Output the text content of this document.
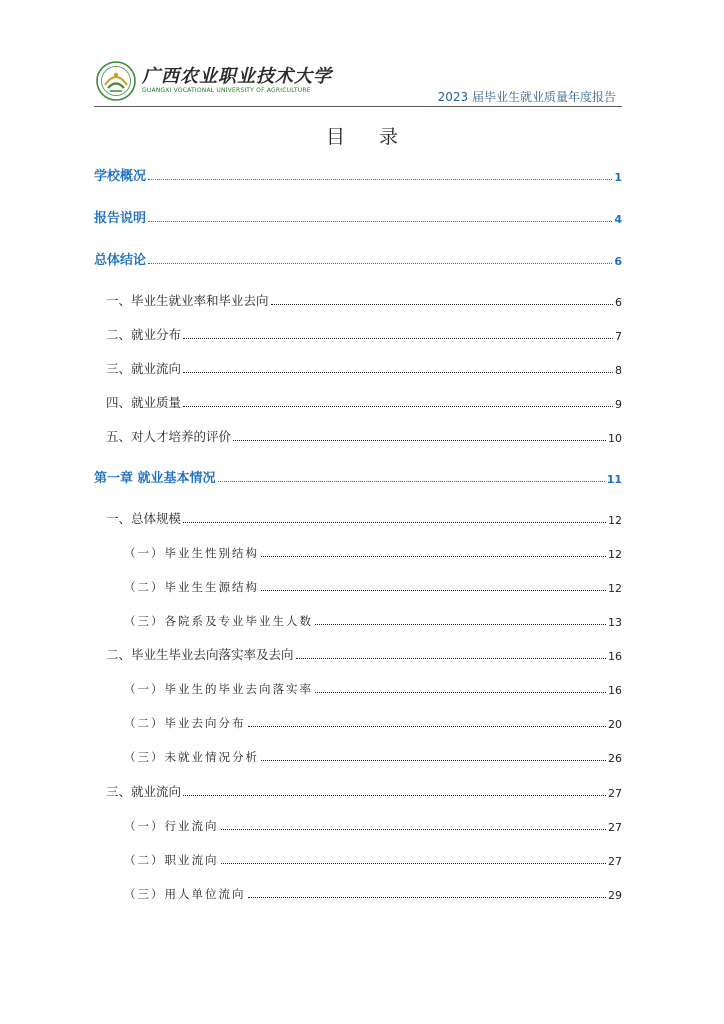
广西农业职业技术大学
GUANGXI VOCATIONAL UNIVERSITY OF AGRICULTURE	2023 届毕业生就业质量年度报告
目 录
学校概况	1
报告说明	4
总体结论	6
一、毕业生就业率和毕业去向	6
二、就业分布	7
三、就业流向	8
四、就业质量	9
五、对人才培养的评价	10
第一章 就业基本情况	11
一、总体规模	12
（一）毕业生性别结构	12
（二）毕业生生源结构	12
（三）各院系及专业毕业生人数	13
二、毕业生毕业去向落实率及去向	16
（一）毕业生的毕业去向落实率	16
（二）毕业去向分布	20
（三）未就业情况分析	26
三、就业流向	27
（一）行业流向	27
（二）职业流向	27
（三）用人单位流向	29
